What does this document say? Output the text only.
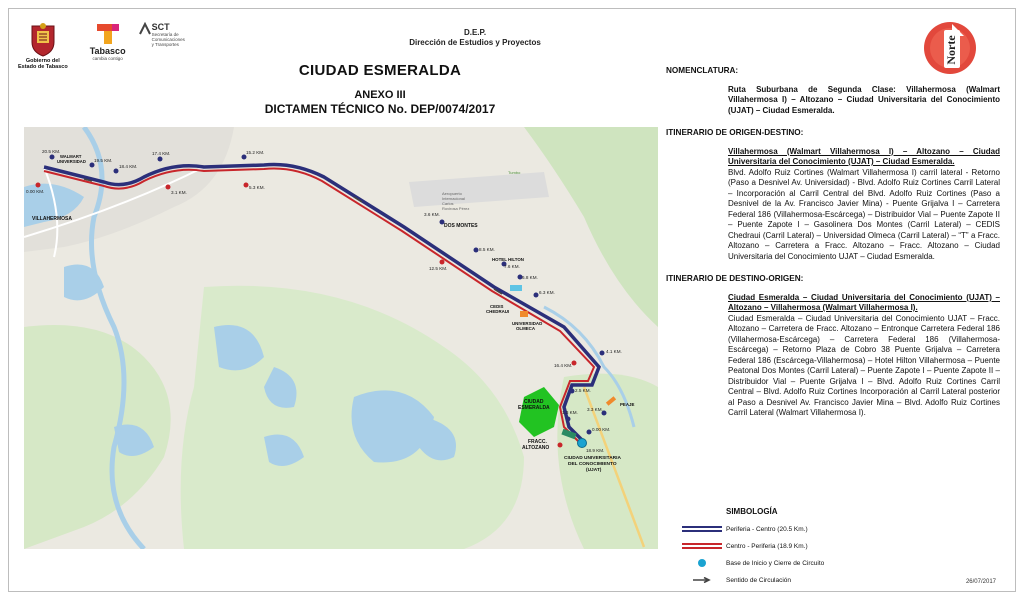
Gobierno del
Estado de Tabasco
Tabasco
cambia contigo
SCT
Secretaría de
Comunicaciones
y Transportes
D.E.P.
Dirección de Estudios y Proyectos
CIUDAD ESMERALDA
ANEXO III
DICTAMEN TÉCNICO No. DEP/0074/2017
Norte
Aeropuerto
Internacional
Carlos
Rovirosa Pérez
Tumbo
20.5 KM.
19.5 KM.
18.4 KM.
17.4 KM.	15.2 KM.
0.00 KM.	3.1 KM.
5.3 KM.
3.6 KM.
8.5 KM.
12.5 KM.	7.6 KM.
6.8 KM.
6.3 KM.
4.1 KM.
16.4 KM.
2.5 KM.
3.3 KM.
1.3 KM.
0.00 KM.
18.9 KM.
VILLAHERMOSA
WALMART
UNIVERSIDAD
DOS MONTES
HOTEL HILTON
CEDIS
CHEDRAUI
UNIVERSIDAD
OLMECA
CIUDAD
ESMERALDA
FRACC.
ALTOZANO
CIUDAD UNIVERSITARIA
DEL CONOCIMIENTO
(UJAT)
PEAJE
NOMENCLATURA:
Ruta Suburbana de Segunda Clase: Villahermosa (Walmart Villahermosa I) – Altozano – Ciudad Universitaria del Conocimiento (UJAT) – Ciudad Esmeralda.
ITINERARIO DE ORIGEN-DESTINO:
Villahermosa (Walmart Villahermosa I) – Altozano – Ciudad Universitaria del Conocimiento (UJAT) – Ciudad Esmeralda.
Blvd. Adolfo Ruiz Cortines (Walmart Villahermosa I) carril lateral - Retorno (Paso a Desnivel Av. Universidad) - Blvd. Adolfo Ruiz Cortines Carril Lateral – Incorporación al Carril Central del Blvd. Adolfo Ruiz Cortines (Paso a Desnivel de la Av. Francisco Javier Mina) - Puente Grijalva I – Carretera Federal 186 (Villahermosa-Escárcega) – Distribuidor Vial – Puente Zapote II – Puente Zapote I – Gasolinera Dos Montes (Carril Lateral) – CEDIS Chedraui (Carril Lateral) – Universidad Olmeca (Carril Lateral) – “T” a Fracc. Altozano – Carretera a Fracc. Altozano – Fracc. Altozano – Ciudad Universitaria del Conocimiento UJAT – Ciudad Esmeralda.
ITINERARIO DE DESTINO-ORIGEN:
Ciudad Esmeralda – Ciudad Universitaria del Conocimiento (UJAT) – Altozano – Villahermosa (Walmart Villahermosa I).
Ciudad Esmeralda – Ciudad Universitaria del Conocimiento UJAT – Fracc. Altozano – Carretera de Fracc. Altozano – Entronque Carretera Federal 186 (Villahermosa-Escárcega) – Carretera Federal 186 (Villahermosa-Escárcega) – Retorno Plaza de Cobro 38 Puente Grijalva – Carretera Federal 186 (Escárcega-Villahermosa) – Hotel Hilton Villahermosa – Puente Peatonal Dos Montes (Carril Lateral) – Puente Zapote I – Puente Zapote II – Distribuidor Vial – Puente Grijalva I – Blvd. Adolfo Ruiz Cortines Carril Central – Blvd. Adolfo Ruiz Cortines Incorporación al Carril Lateral posterior al Paso a Desnivel Av. Francisco Javier Mina – Blvd. Adolfo Ruiz Cortines Carril Lateral (Walmart Villahermosa I).
SIMBOLOGÍA
Periferia - Centro (20.5 Km.)
Centro - Periferia (18.9 Km.)
Base de Inicio y Cierre de Circuito
Sentido de Circulación	26/07/2017
